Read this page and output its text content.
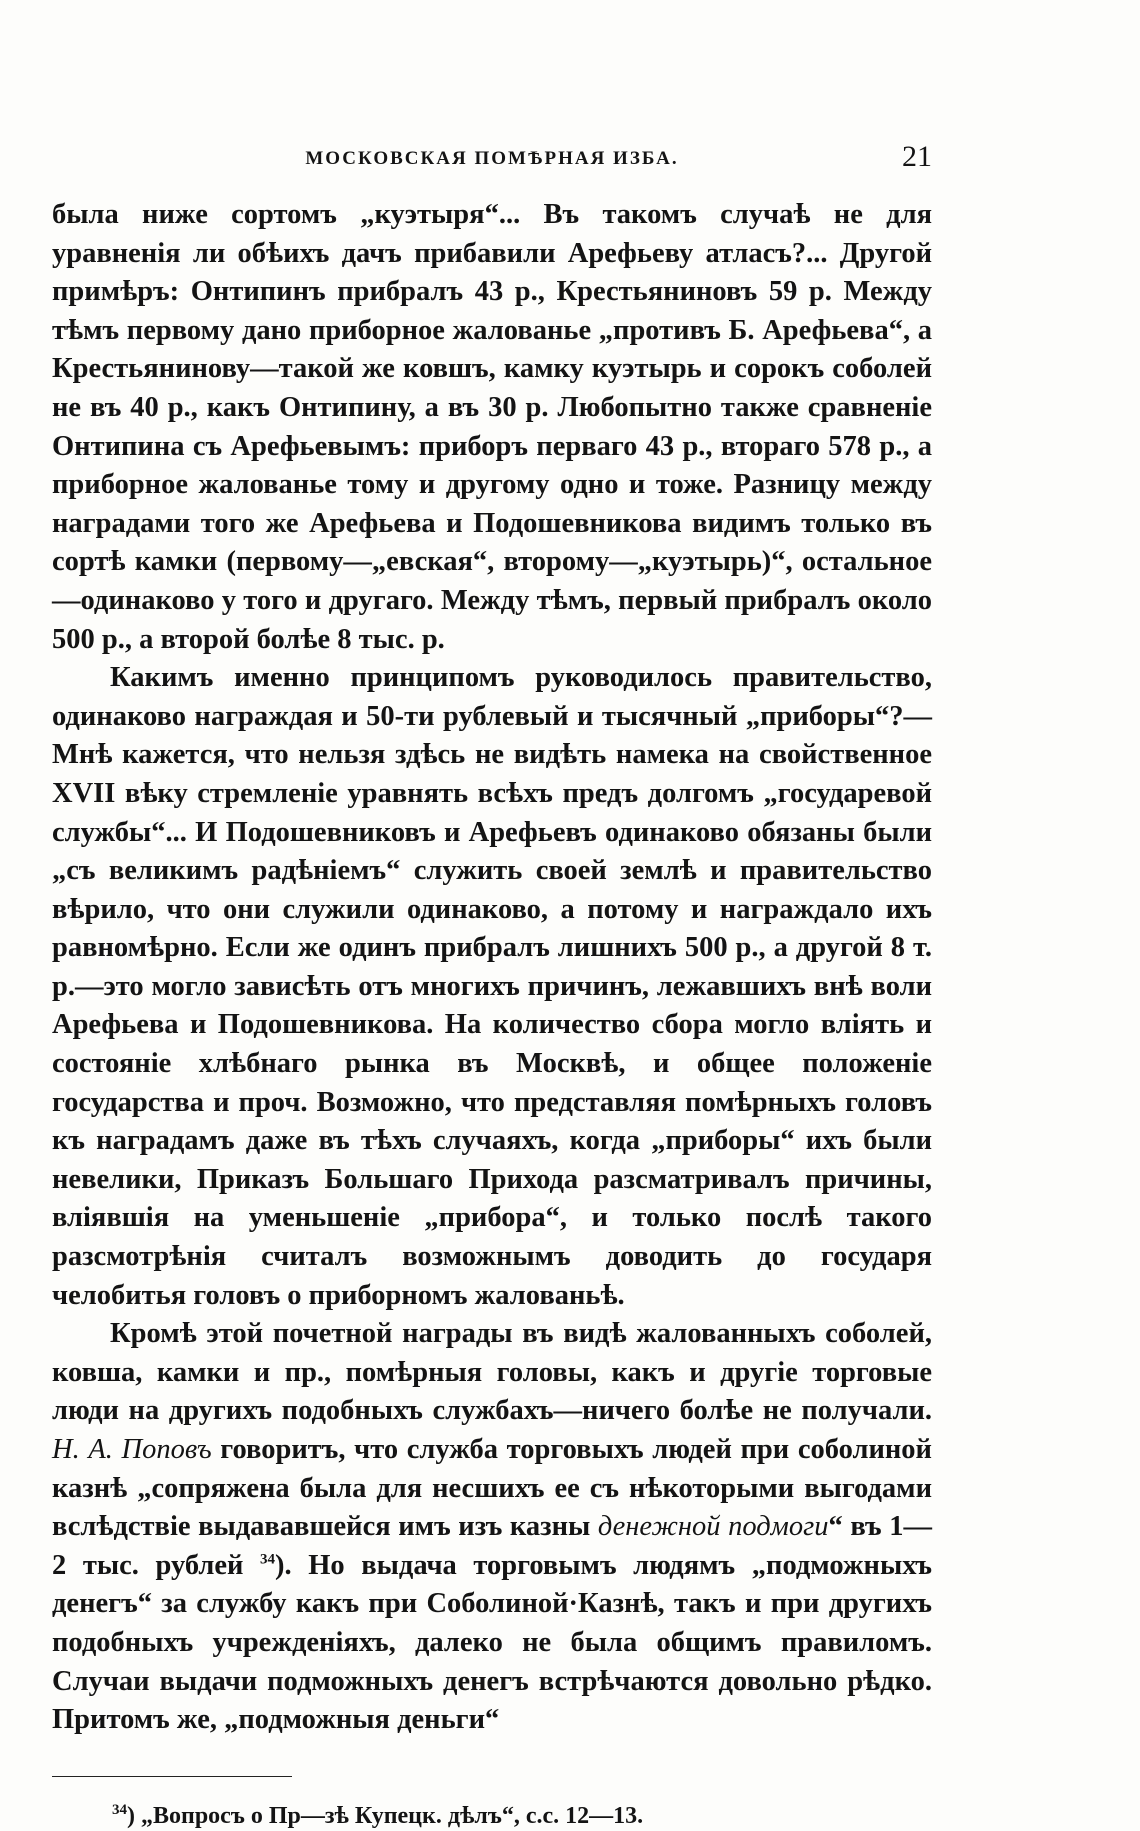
МОСКОВСКАЯ ПОМѢРНАЯ ИЗБА.	21

была ниже сортомъ „куэтыря“... Въ такомъ случаѣ не для уравненія ли обѣихъ дачъ прибавили Арефьеву атласъ?... Другой примѣръ: Онтипинъ прибралъ 43 р., Крестьяниновъ 59 р. Между тѣмъ первому дано приборное жалованье „противъ Б. Арефьева“, а Крестьянинову—такой же ковшъ, камку куэтырь и сорокъ соболей не въ 40 р., какъ Онтипину, а въ 30 р. Любопытно также сравненіе Онтипина съ Арефьевымъ: приборъ перваго 43 р., втораго 578 р., а приборное жалованье тому и другому одно и тоже. Разницу между наградами того же Арефьева и Подошевникова видимъ только въ сортѣ камки (первому—„евская“, второму—„куэтырь)“, остальное—одинаково у того и другаго. Между тѣмъ, первый прибралъ около 500 р., а второй болѣе 8 тыс. р.

Какимъ именно принципомъ руководилось правительство, одинаково награждая и 50-ти рублевый и тысячный „приборы“?—Мнѣ кажется, что нельзя здѣсь не видѣть намека на свойственное XVII вѣку стремленіе уравнять всѣхъ предъ долгомъ „государевой службы“... И Подошевниковъ и Арефьевъ одинаково обязаны были „съ великимъ радѣніемъ“ служить своей землѣ и правительство вѣрило, что они служили одинаково, а потому и награждало ихъ равномѣрно. Если же одинъ прибралъ лишнихъ 500 р., а другой 8 т. р.—это могло зависѣть отъ многихъ причинъ, лежавшихъ внѣ воли Арефьева и Подошевникова. На количество сбора могло вліять и состояніе хлѣбнаго рынка въ Москвѣ, и общее положеніе государства и проч. Возможно, что представляя помѣрныхъ головъ къ наградамъ даже въ тѣхъ случаяхъ, когда „приборы“ ихъ были невелики, Приказъ Большаго Прихода разсматривалъ причины, вліявшія на уменьшеніе „прибора“, и только послѣ такого разсмотрѣнія считалъ возможнымъ доводить до государя челобитья головъ о приборномъ жалованьѣ.

Кромѣ этой почетной награды въ видѣ жалованныхъ соболей, ковша, камки и пр., помѣрныя головы, какъ и другіе торговые люди на другихъ подобныхъ службахъ—ничего болѣе не получали. Н. А. Поповъ говоритъ, что служба торговыхъ людей при соболиной казнѣ „сопряжена была для несшихъ ее съ нѣкоторыми выгодами вслѣдствіе выдававшейся имъ изъ казны денежной подмоги“ въ 1—2 тыс. рублей $^{34}$). Но выдача торговымъ людямъ „подможныхъ денегъ“ за службу какъ при Соболиной·Казнѣ, такъ и при другихъ подобныхъ учрежденіяхъ, далеко не была общимъ правиломъ. Случаи выдачи подможныхъ денегъ встрѣчаются довольно рѣдко. Притомъ же, „подможныя деньги“

$^{34}$) „Вопросъ о Пр—зѣ Купецк. дѣлъ“, с.с. 12—13.
